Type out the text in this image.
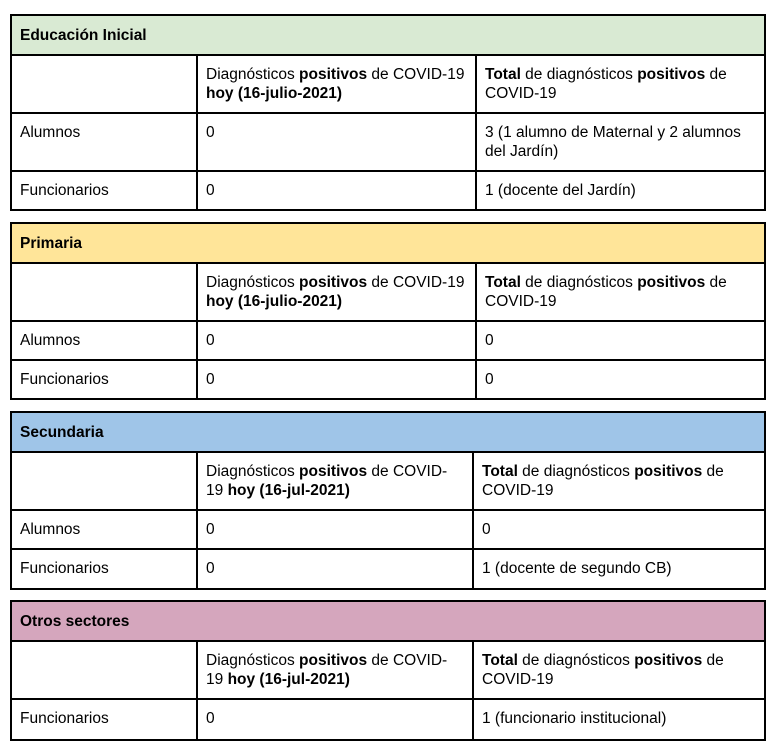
Educación Inicial		
	Diagnósticos positivos de COVID-19 hoy (16-julio-2021)	Total de diagnósticos positivos de COVID-19
Alumnos	0	3 (1 alumno de Maternal y 2 alumnos del Jardín)
Funcionarios	0	1 (docente del Jardín)
Primaria		
	Diagnósticos positivos de COVID-19 hoy (16-julio-2021)	Total de diagnósticos positivos de COVID-19
Alumnos	0	0
Funcionarios	0	0
Secundaria		
	Diagnósticos positivos de COVID-19 hoy (16-jul-2021)	Total de diagnósticos positivos de COVID-19
Alumnos	0	0
Funcionarios	0	1 (docente de segundo CB)
Otros sectores		
	Diagnósticos positivos de COVID-19 hoy (16-jul-2021)	Total de diagnósticos positivos de COVID-19
Funcionarios	0	1 (funcionario institucional)
